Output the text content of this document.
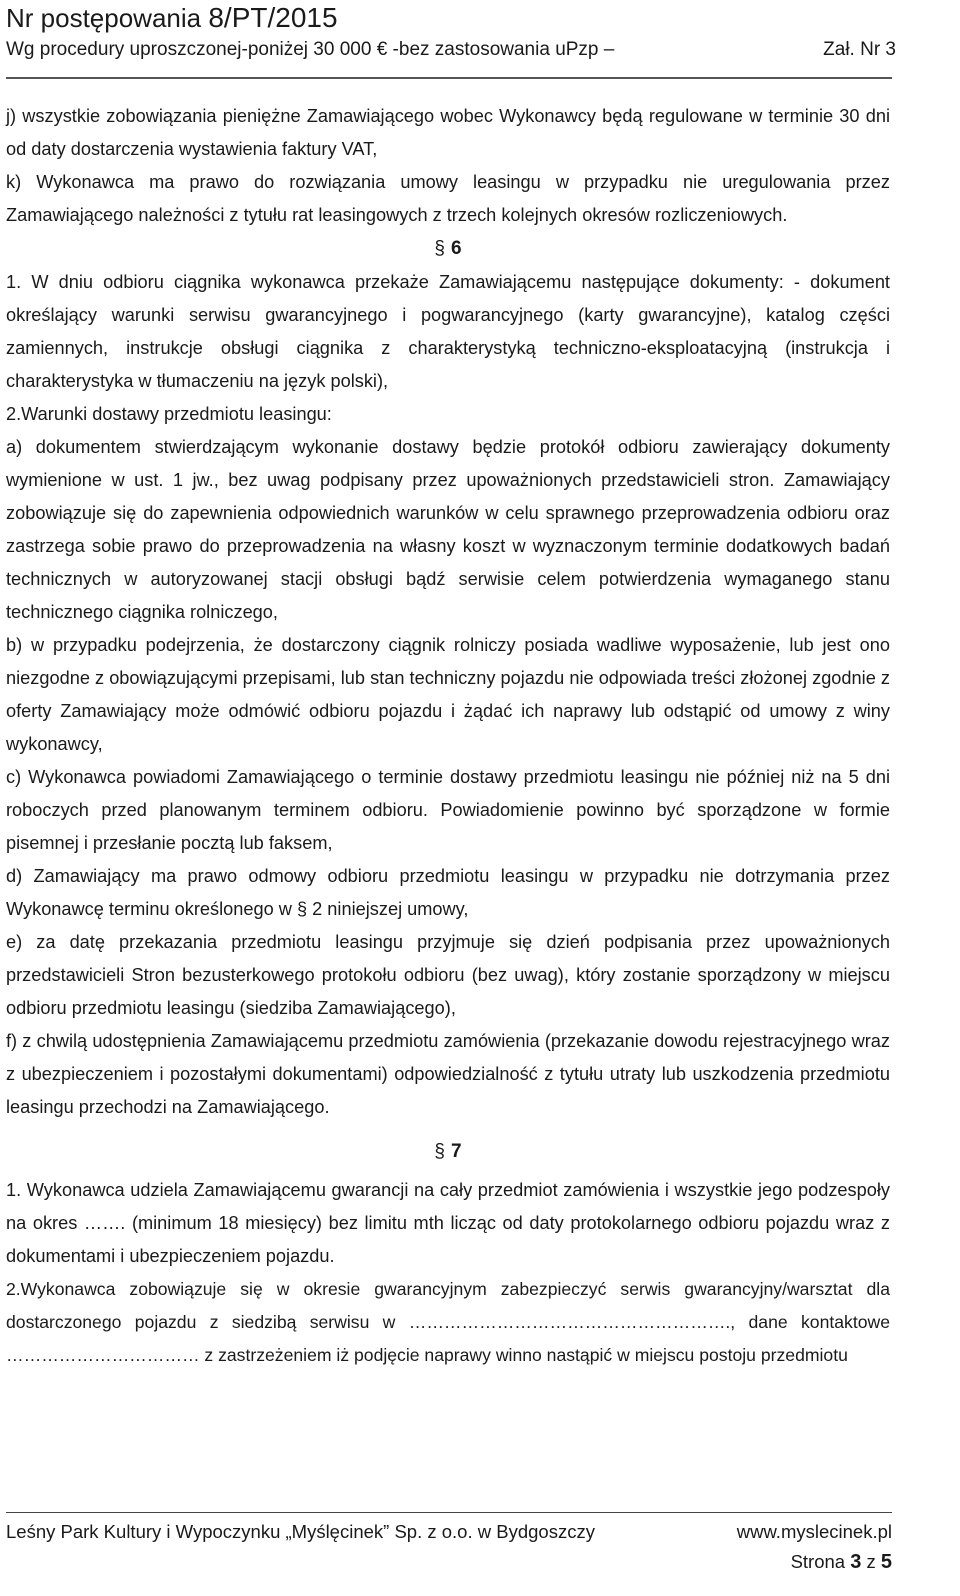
Nr postępowania 8/PT/2015
Wg procedury uproszczonej-poniżej 30 000 € -bez zastosowania uPzp –	Zał. Nr 3

j) wszystkie zobowiązania pieniężne Zamawiającego wobec Wykonawcy będą regulowane w terminie 30 dni od daty dostarczenia wystawienia faktury VAT,

k) Wykonawca ma prawo do rozwiązania umowy leasingu w przypadku nie uregulowania przez Zamawiającego należności z tytułu rat leasingowych z trzech kolejnych okresów rozliczeniowych.

§ 6

1. W dniu odbioru ciągnika wykonawca przekaże Zamawiającemu następujące dokumenty: - dokument określający warunki serwisu gwarancyjnego i pogwarancyjnego (karty gwarancyjne), katalog części zamiennych, instrukcje obsługi ciągnika z charakterystyką techniczno-eksploatacyjną (instrukcja i charakterystyka w tłumaczeniu na język polski),

2.Warunki dostawy przedmiotu leasingu:

a) dokumentem stwierdzającym wykonanie dostawy będzie protokół odbioru zawierający dokumenty wymienione w ust. 1 jw., bez uwag podpisany przez upoważnionych przedstawicieli stron. Zamawiający zobowiązuje się do zapewnienia odpowiednich warunków w celu sprawnego przeprowadzenia odbioru oraz zastrzega sobie prawo do przeprowadzenia na własny koszt w wyznaczonym terminie dodatkowych badań technicznych w autoryzowanej stacji obsługi bądź serwisie celem potwierdzenia wymaganego stanu technicznego ciągnika rolniczego,

b) w przypadku podejrzenia, że dostarczony ciągnik rolniczy posiada wadliwe wyposażenie, lub jest ono niezgodne z obowiązującymi przepisami, lub stan techniczny pojazdu nie odpowiada treści złożonej zgodnie z oferty Zamawiający może odmówić odbioru pojazdu i żądać ich naprawy lub odstąpić od umowy z winy wykonawcy,

c) Wykonawca powiadomi Zamawiającego o terminie dostawy przedmiotu leasingu nie później niż na 5 dni roboczych przed planowanym terminem odbioru. Powiadomienie powinno być sporządzone w formie pisemnej i przesłanie pocztą lub faksem,

d) Zamawiający ma prawo odmowy odbioru przedmiotu leasingu w przypadku nie dotrzymania przez Wykonawcę terminu określonego w § 2 niniejszej umowy,

e) za datę przekazania przedmiotu leasingu przyjmuje się dzień podpisania przez upoważnionych przedstawicieli Stron bezusterkowego protokołu odbioru (bez uwag), który zostanie sporządzony w miejscu odbioru przedmiotu leasingu (siedziba Zamawiającego),

f) z chwilą udostępnienia Zamawiającemu przedmiotu zamówienia (przekazanie dowodu rejestracyjnego wraz z ubezpieczeniem i pozostałymi dokumentami) odpowiedzialność z tytułu utraty lub uszkodzenia przedmiotu leasingu przechodzi na Zamawiającego.

§ 7

1. Wykonawca udziela Zamawiającemu gwarancji na cały przedmiot zamówienia i wszystkie jego podzespoły na okres ……. (minimum 18 miesięcy) bez limitu mth licząc od daty protokolarnego odbioru pojazdu wraz z dokumentami i ubezpieczeniem pojazdu.

2.Wykonawca zobowiązuje się w okresie gwarancyjnym zabezpieczyć serwis gwarancyjny/warsztat dla dostarczonego pojazdu z siedzibą serwisu w ………………………………………………., dane kontaktowe …………………………… z zastrzeżeniem iż podjęcie naprawy winno nastąpić w miejscu postoju przedmiotu

Leśny Park Kultury i Wypoczynku „Myślęcinek” Sp. z o.o. w Bydgoszczy	www.myslecinek.pl
Strona 3 z 5
